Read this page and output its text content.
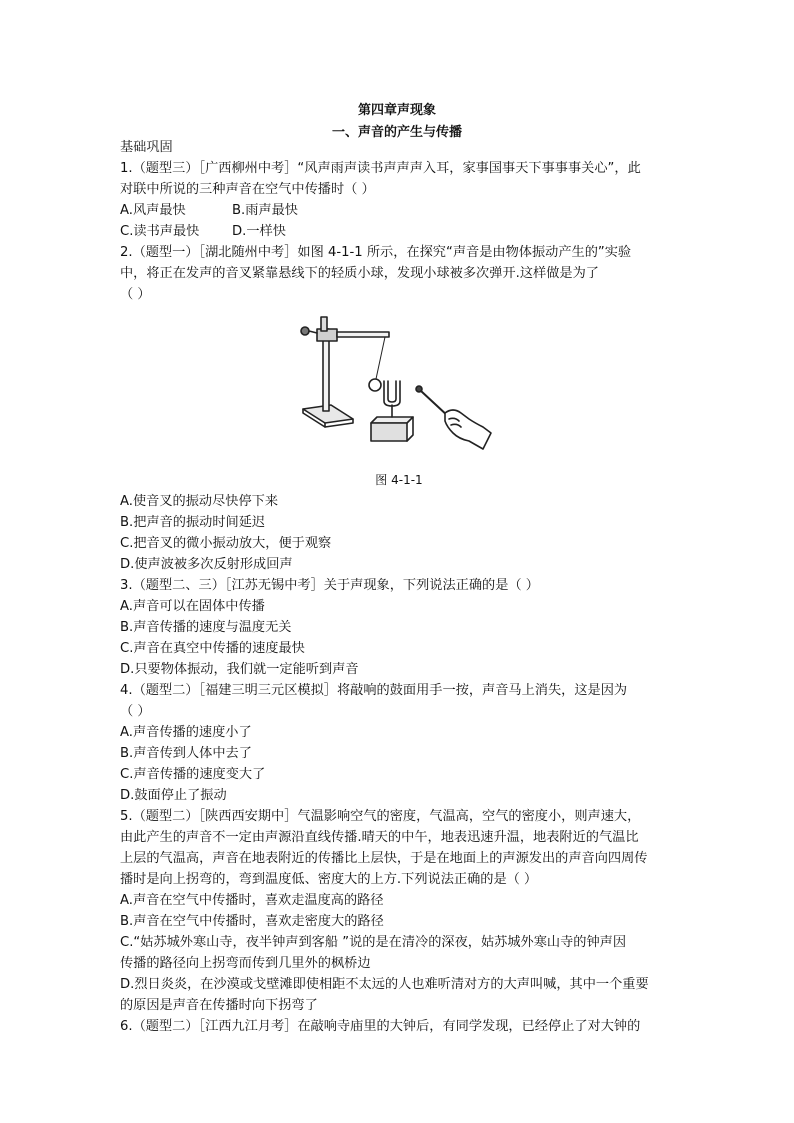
第四章声现象
一、声音的产生与传播
基础巩固
1.（题型三）［广西柳州中考］“风声雨声读书声声声入耳，家事国事天下事事事关心”，此
对联中所说的三种声音在空气中传播时（ ）
A.风声最快	B.雨声最快
C.读书声最快	D.一样快
2.（题型一）［湖北随州中考］如图 4-1-1 所示，在探究“声音是由物体振动产生的”实验
中，将正在发声的音叉紧靠悬线下的轻质小球，发现小球被多次弹开.这样做是为了
（ ）
图 4-1-1
A.使音叉的振动尽快停下来
B.把声音的振动时间延迟
C.把音叉的微小振动放大，便于观察
D.使声波被多次反射形成回声
3.（题型二、三）［江苏无锡中考］关于声现象，下列说法正确的是（ ）
A.声音可以在固体中传播
B.声音传播的速度与温度无关
C.声音在真空中传播的速度最快
D.只要物体振动，我们就一定能听到声音
4.（题型二）［福建三明三元区模拟］将敲响的鼓面用手一按，声音马上消失，这是因为
（ ）
A.声音传播的速度小了
B.声音传到人体中去了
C.声音传播的速度变大了
D.鼓面停止了振动
5.（题型二）［陕西西安期中］气温影响空气的密度，气温高，空气的密度小，则声速大，
由此产生的声音不一定由声源沿直线传播.晴天的中午，地表迅速升温，地表附近的气温比
上层的气温高，声音在地表附近的传播比上层快，于是在地面上的声源发出的声音向四周传
播时是向上拐弯的，弯到温度低、密度大的上方.下列说法正确的是（ ）
A.声音在空气中传播时，喜欢走温度高的路径
B.声音在空气中传播时，喜欢走密度大的路径
C.“姑苏城外寒山寺，夜半钟声到客船 ”说的是在清冷的深夜，姑苏城外寒山寺的钟声因
传播的路径向上拐弯而传到几里外的枫桥边
D.烈日炎炎，在沙漠或戈壁滩即使相距不太远的人也难听清对方的大声叫喊，其中一个重要
的原因是声音在传播时向下拐弯了
6.（题型二）［江西九江月考］在敲响寺庙里的大钟后，有同学发现，已经停止了对大钟的
